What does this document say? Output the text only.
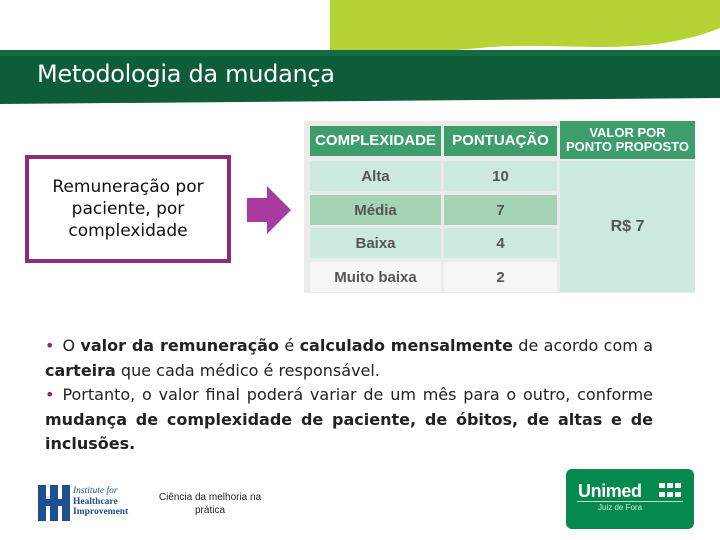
Metodologia da mudança
Remuneração por
paciente, por
complexidade
COMPLEXIDADE	PONTUAÇÃO	VALOR POR
PONTO PROPOSTO
Alta	10
Média	7
Baixa	4
Muito baixa	2
R$ 7

• O valor da remuneração é calculado mensalmente de acordo com a carteira que cada médico é responsável.

• Portanto, o valor final poderá variar de um mês para o outro, conforme mudança de complexidade de paciente, de óbitos, de altas e de inclusões.

Institute for
Healthcare
Improvement
Ciência da melhoria na prática
Unimed
Juiz de Fora
